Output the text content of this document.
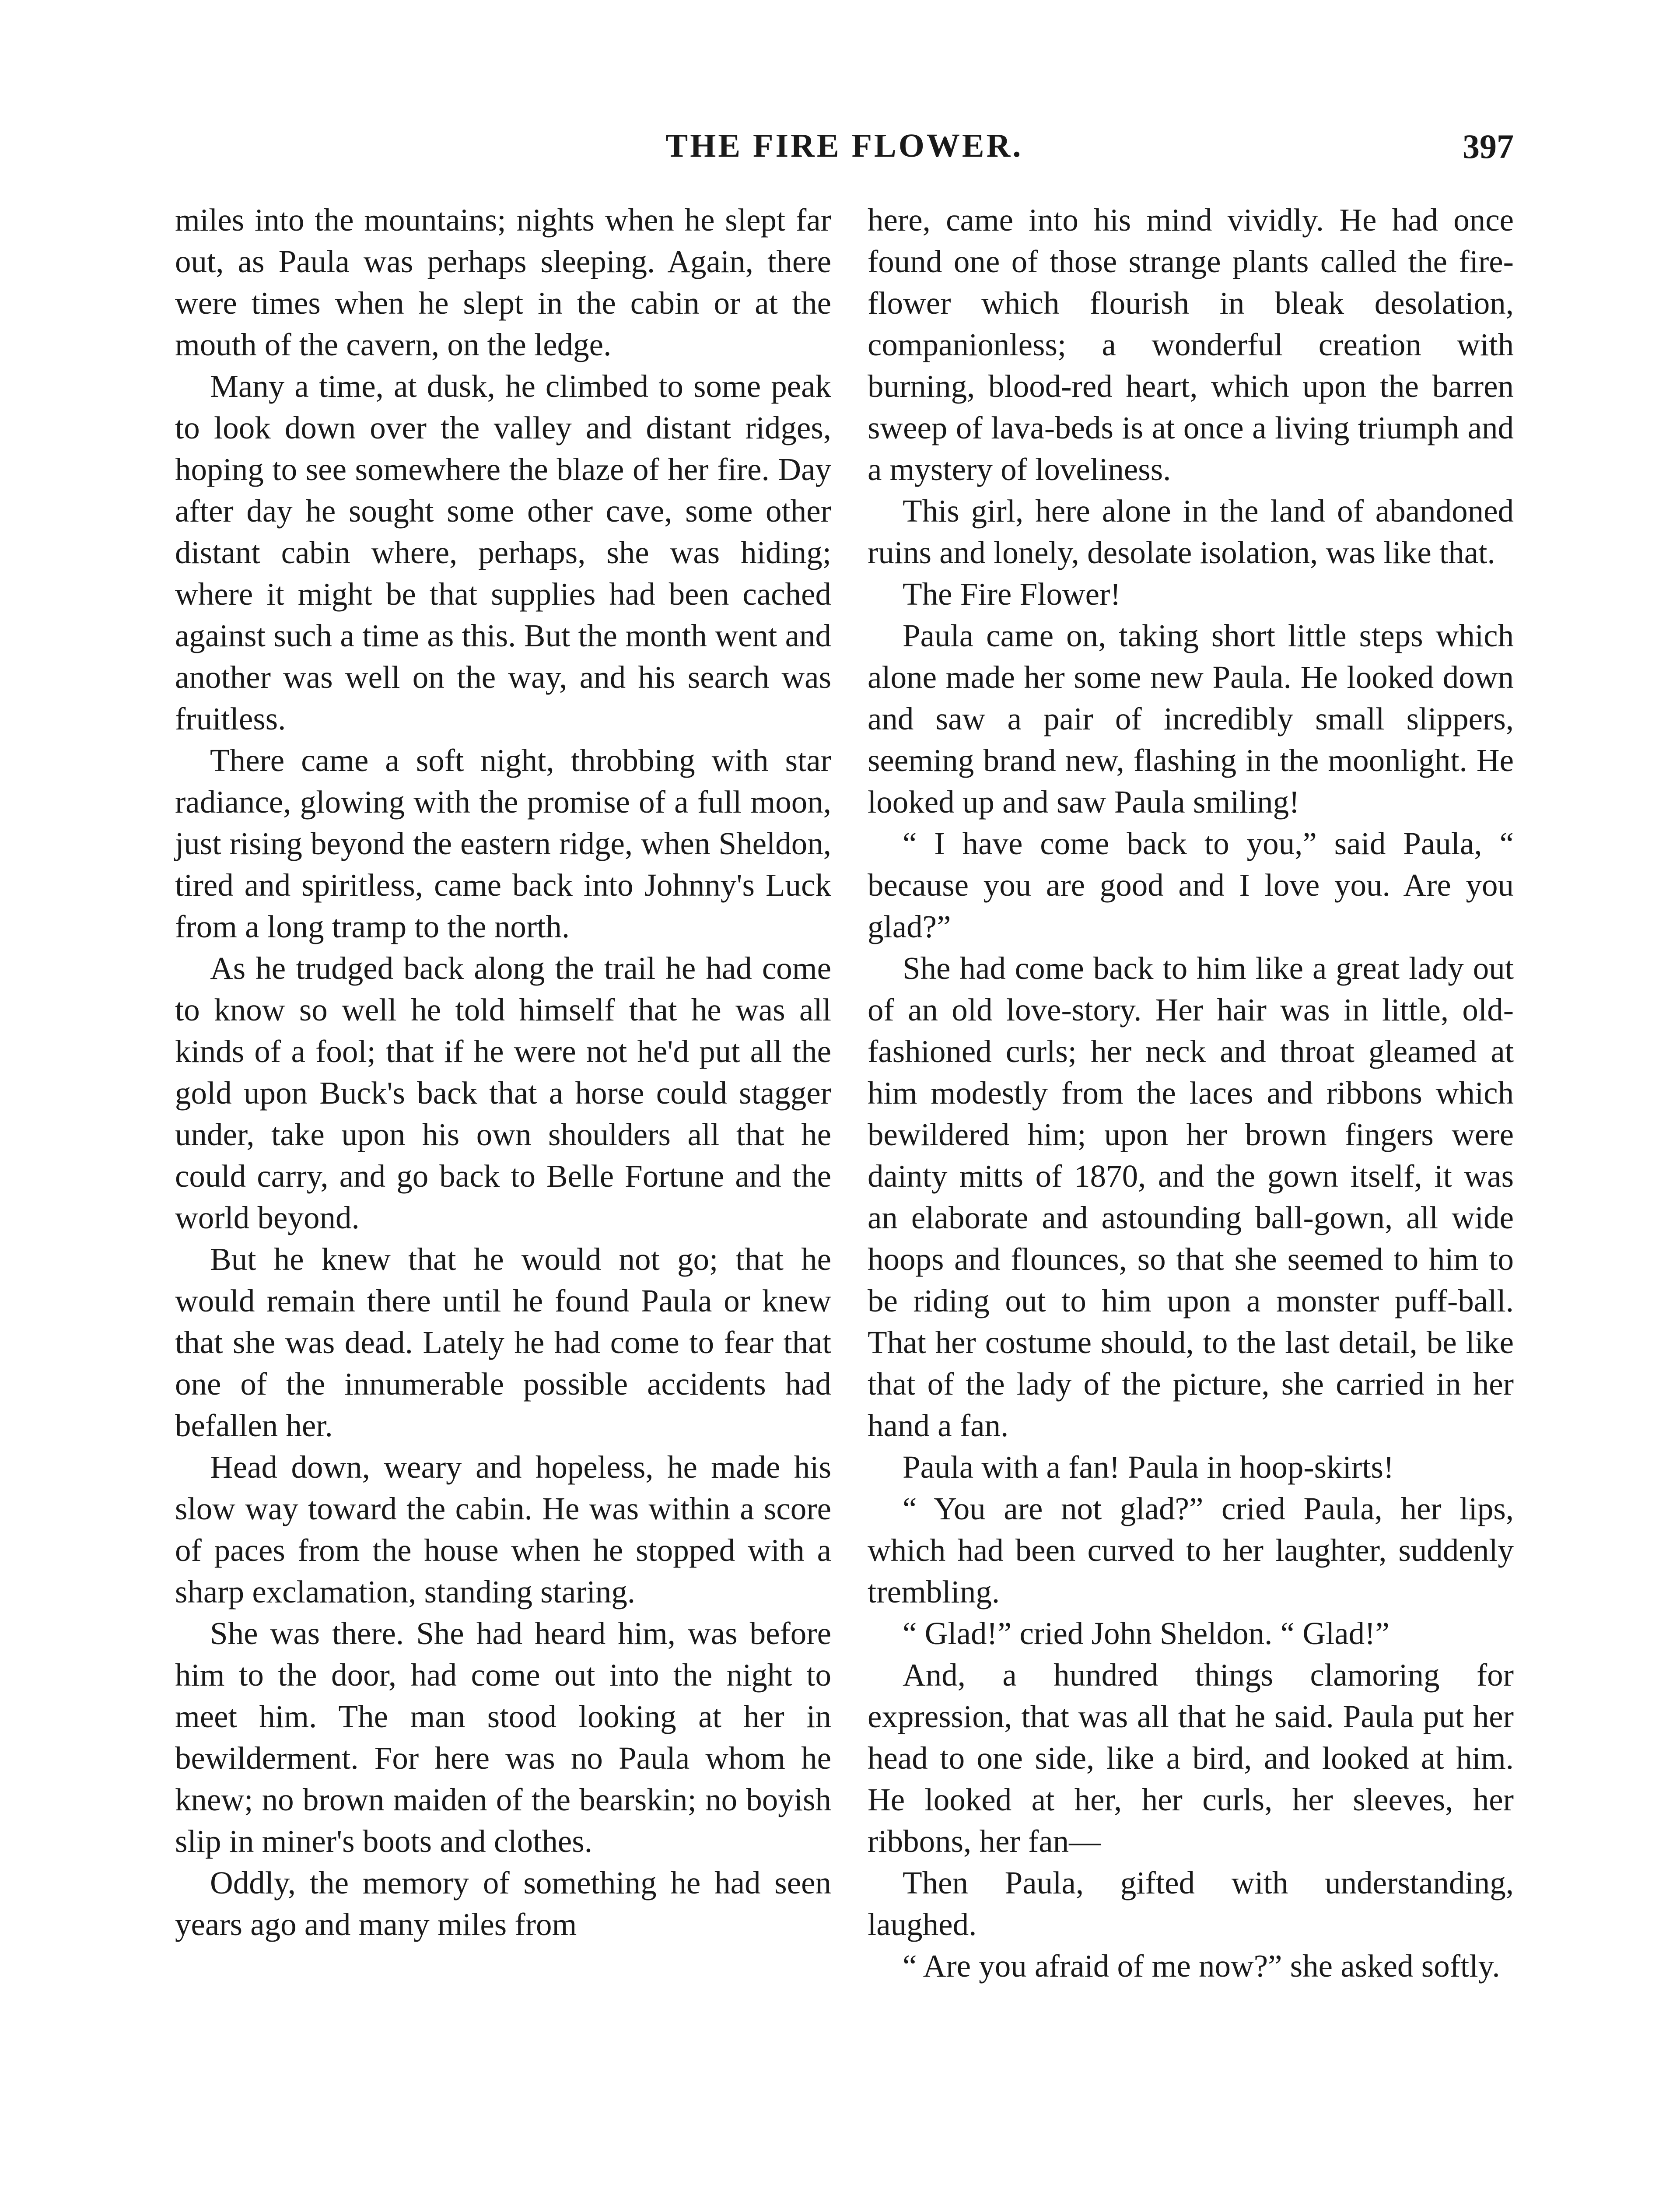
THE FIRE FLOWER.	397

miles into the mountains; nights when he slept far out, as Paula was perhaps sleeping. Again, there were times when he slept in the cabin or at the mouth of the cavern, on the ledge.

Many a time, at dusk, he climbed to some peak to look down over the valley and distant ridges, hoping to see somewhere the blaze of her fire. Day after day he sought some other cave, some other distant cabin where, perhaps, she was hiding; where it might be that supplies had been cached against such a time as this. But the month went and another was well on the way, and his search was fruitless.

There came a soft night, throbbing with star radiance, glowing with the promise of a full moon, just rising beyond the eastern ridge, when Sheldon, tired and spiritless, came back into Johnny's Luck from a long tramp to the north.

As he trudged back along the trail he had come to know so well he told himself that he was all kinds of a fool; that if he were not he'd put all the gold upon Buck's back that a horse could stagger under, take upon his own shoulders all that he could carry, and go back to Belle Fortune and the world beyond.

But he knew that he would not go; that he would remain there until he found Paula or knew that she was dead. Lately he had come to fear that one of the innumerable possible accidents had befallen her.

Head down, weary and hopeless, he made his slow way toward the cabin. He was within a score of paces from the house when he stopped with a sharp exclamation, standing staring.

She was there. She had heard him, was before him to the door, had come out into the night to meet him. The man stood looking at her in bewilderment. For here was no Paula whom he knew; no brown maiden of the bearskin; no boyish slip in miner's boots and clothes.

Oddly, the memory of something he had seen years ago and many miles from

here, came into his mind vividly. He had once found one of those strange plants called the fire-flower which flourish in bleak desolation, companionless; a wonderful creation with burning, blood-red heart, which upon the barren sweep of lava-beds is at once a living triumph and a mystery of loveliness.

This girl, here alone in the land of abandoned ruins and lonely, desolate isolation, was like that.

The Fire Flower!

Paula came on, taking short little steps which alone made her some new Paula. He looked down and saw a pair of incredibly small slippers, seeming brand new, flashing in the moonlight. He looked up and saw Paula smiling!

“ I have come back to you,” said Paula, “ because you are good and I love you. Are you glad?”

She had come back to him like a great lady out of an old love-story. Her hair was in little, old-fashioned curls; her neck and throat gleamed at him modestly from the laces and ribbons which bewildered him; upon her brown fingers were dainty mitts of 1870, and the gown itself, it was an elaborate and astounding ball-gown, all wide hoops and flounces, so that she seemed to him to be riding out to him upon a monster puff-ball. That her costume should, to the last detail, be like that of the lady of the picture, she carried in her hand a fan.

Paula with a fan! Paula in hoop-skirts!

“ You are not glad?” cried Paula, her lips, which had been curved to her laughter, suddenly trembling.

“ Glad!” cried John Sheldon. “ Glad!”

And, a hundred things clamoring for expression, that was all that he said. Paula put her head to one side, like a bird, and looked at him. He looked at her, her curls, her sleeves, her ribbons, her fan—

Then Paula, gifted with understanding, laughed.

“ Are you afraid of me now?” she asked softly.
